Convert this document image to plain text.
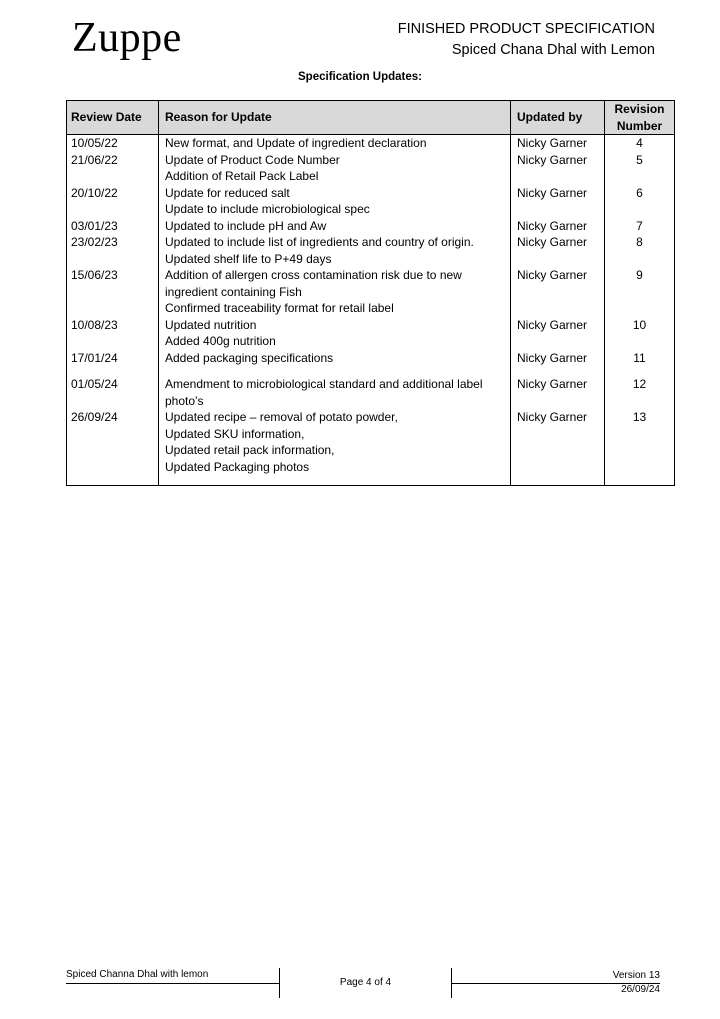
Zuppe	FINISHED PRODUCT SPECIFICATION
Spiced Chana Dhal with Lemon
Specification Updates:
Review Date	Reason for Update	Updated by	Revision
Number

10/05/22	New format, and Update of ingredient declaration	Nicky Garner	4
21/06/22	Update of Product Code Number
Addition of Retail Pack Label	Nicky Garner	5
20/10/22	Update for reduced salt
Update to include microbiological spec	Nicky Garner	6
03/01/23	Updated to include pH and Aw	Nicky Garner	7
23/02/23	Updated to include list of ingredients and country of origin.
Updated shelf life to P+49 days	Nicky Garner	8
15/06/23	Addition of allergen cross contamination risk due to new
ingredient containing Fish
Confirmed traceability format for retail label	Nicky Garner	9
10/08/23	Updated nutrition
Added 400g nutrition	Nicky Garner	10
17/01/24	Added packaging specifications	Nicky Garner	11
01/05/24	Amendment to microbiological standard and additional label
photo’s	Nicky Garner	12
26/09/24	Updated recipe – removal of potato powder,
Updated SKU information,
Updated retail pack information,
Updated Packaging photos	Nicky Garner	13
Spiced Channa Dhal with lemon
Page 4 of 4
Version 13
26/09/24
